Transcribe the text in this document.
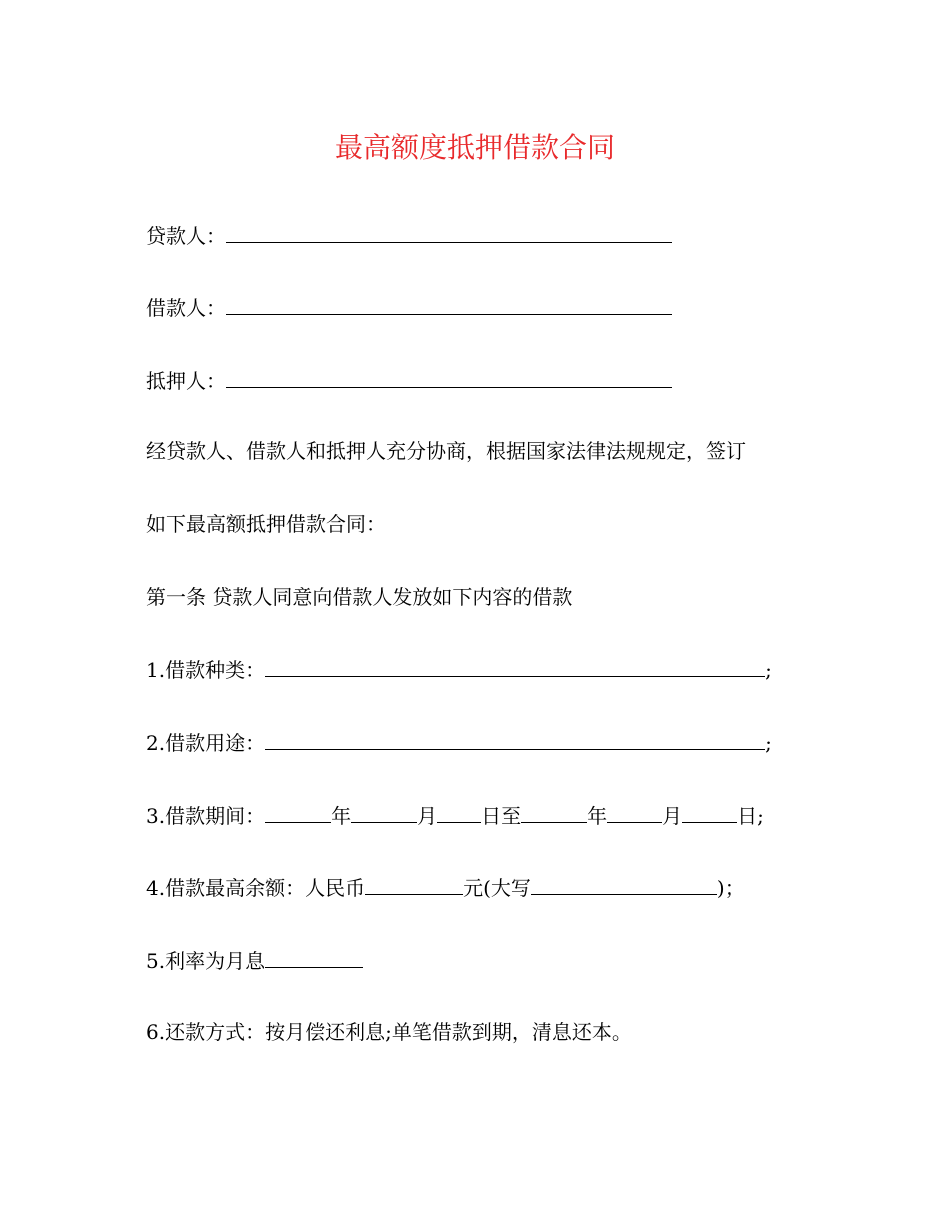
最高额度抵押借款合同
贷款人：
借款人：
抵押人：
经贷款人、借款人和抵押人充分协商，根据国家法律法规规定，签订
如下最高额抵押借款合同：
第一条 贷款人同意向借款人发放如下内容的借款
1.借款种类：	;
2.借款用途：	;
3.借款期间：	年	月 日至	年	月	日;
4.借款最高余额：人民币	元(大写	)；
5.利率为月息
6.还款方式：按月偿还利息;单笔借款到期，清息还本。
